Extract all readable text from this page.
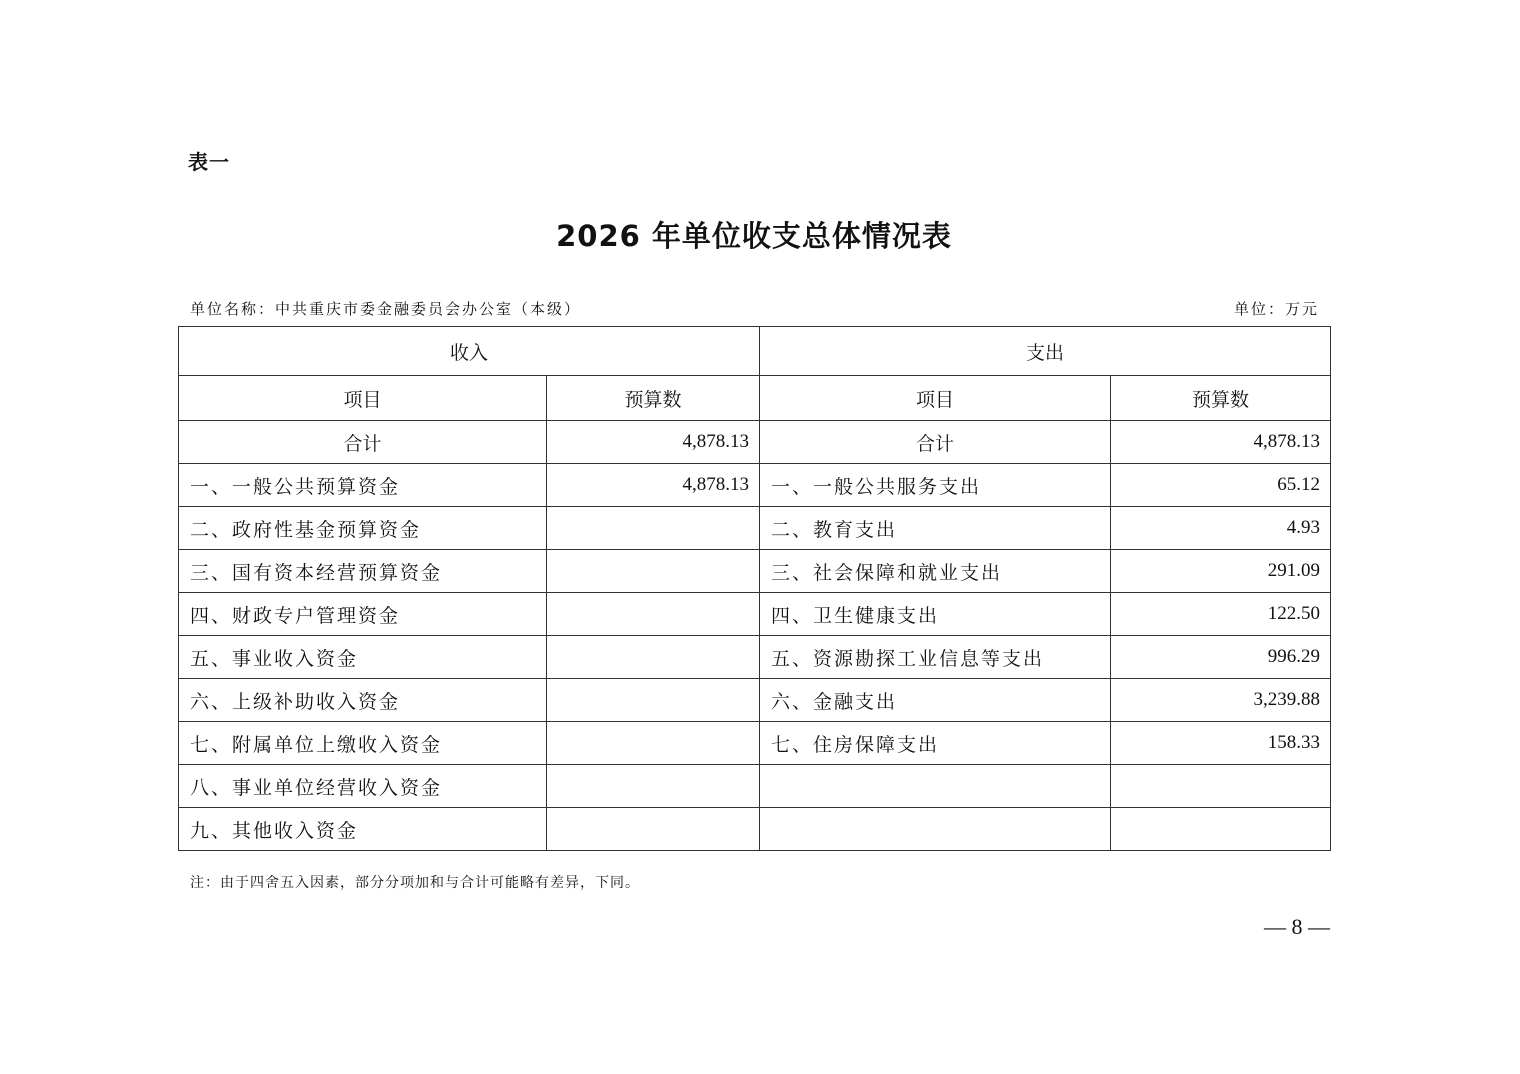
表一
2026 年单位收支总体情况表
单位名称：中共重庆市委金融委员会办公室（本级）	单位：万元
收入		支出	
项目	预算数	项目	预算数
合计	4,878.13	合计	4,878.13
一、一般公共预算资金	4,878.13	一、一般公共服务支出	65.12
二、政府性基金预算资金		二、教育支出	4.93
三、国有资本经营预算资金		三、社会保障和就业支出	291.09
四、财政专户管理资金		四、卫生健康支出	122.50
五、事业收入资金		五、资源勘探工业信息等支出	996.29
六、上级补助收入资金		六、金融支出	3,239.88
七、附属单位上缴收入资金		七、住房保障支出	158.33
八、事业单位经营收入资金			
九、其他收入资金			
注：由于四舍五入因素，部分分项加和与合计可能略有差异，下同。
— 8 —
